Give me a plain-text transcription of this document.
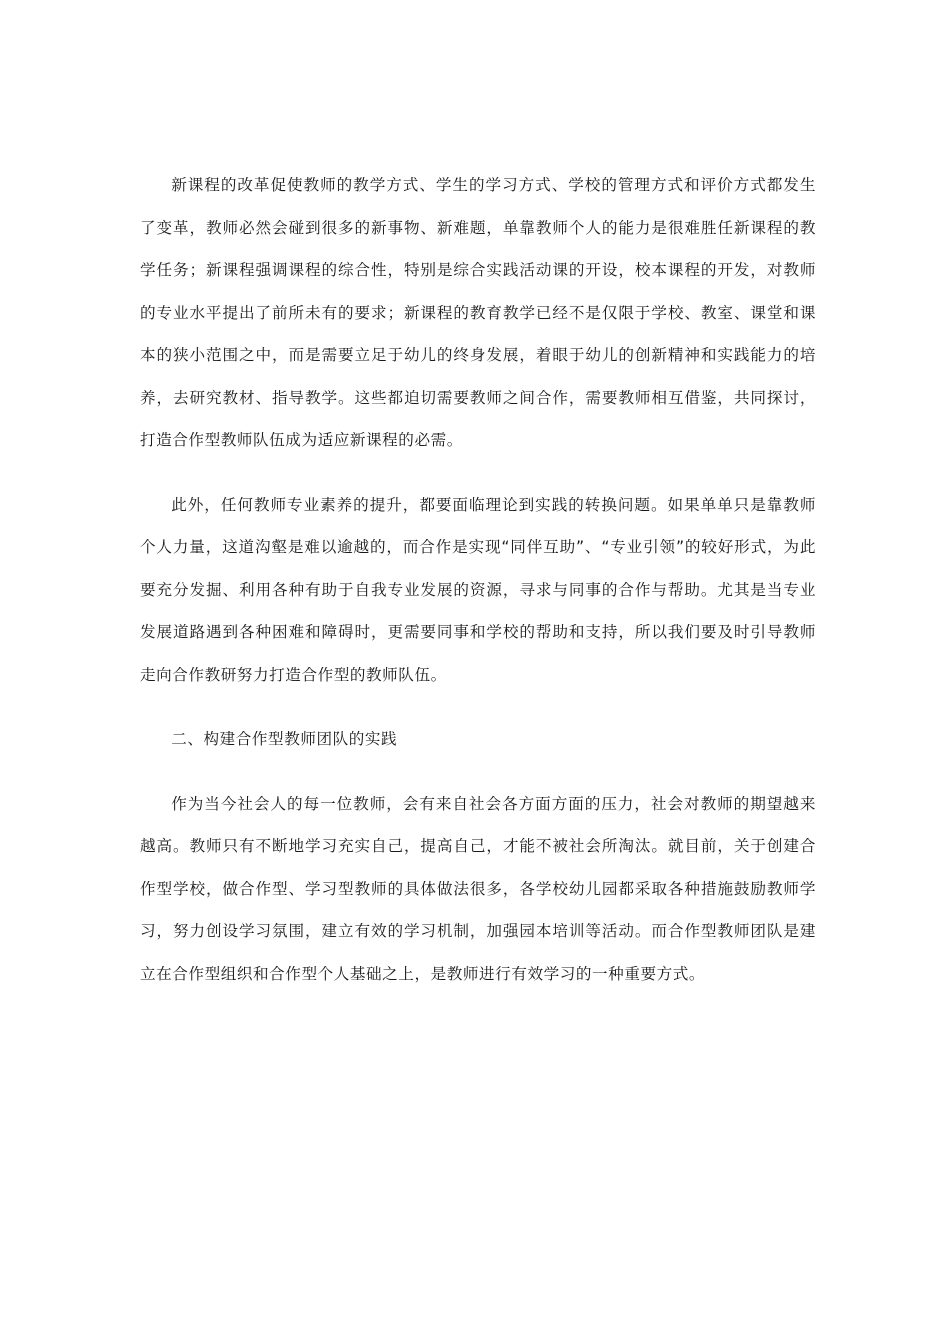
新课程的改革促使教师的教学方式、学生的学习方式、学校的管理方式和评价方式都发生了变革，教师必然会碰到很多的新事物、新难题，单靠教师个人的能力是很难胜任新课程的教学任务；新课程强调课程的综合性，特别是综合实践活动课的开设，校本课程的开发，对教师的专业水平提出了前所未有的要求；新课程的教育教学已经不是仅限于学校、教室、课堂和课本的狭小范围之中，而是需要立足于幼儿的终身发展，着眼于幼儿的创新精神和实践能力的培养，去研究教材、指导教学。这些都迫切需要教师之间合作，需要教师相互借鉴，共同探讨，打造合作型教师队伍成为适应新课程的必需。

此外，任何教师专业素养的提升，都要面临理论到实践的转换问题。如果单单只是靠教师个人力量，这道沟壑是难以逾越的，而合作是实现“同伴互助”、“专业引领”的较好形式，为此要充分发掘、利用各种有助于自我专业发展的资源，寻求与同事的合作与帮助。尤其是当专业发展道路遇到各种困难和障碍时，更需要同事和学校的帮助和支持，所以我们要及时引导教师走向合作教研努力打造合作型的教师队伍。

二、构建合作型教师团队的实践

作为当今社会人的每一位教师，会有来自社会各方面方面的压力，社会对教师的期望越来越高。教师只有不断地学习充实自己，提高自己，才能不被社会所淘汰。就目前，关于创建合作型学校，做合作型、学习型教师的具体做法很多，各学校幼儿园都采取各种措施鼓励教师学习，努力创设学习氛围，建立有效的学习机制，加强园本培训等活动。而合作型教师团队是建立在合作型组织和合作型个人基础之上，是教师进行有效学习的一种重要方式。
